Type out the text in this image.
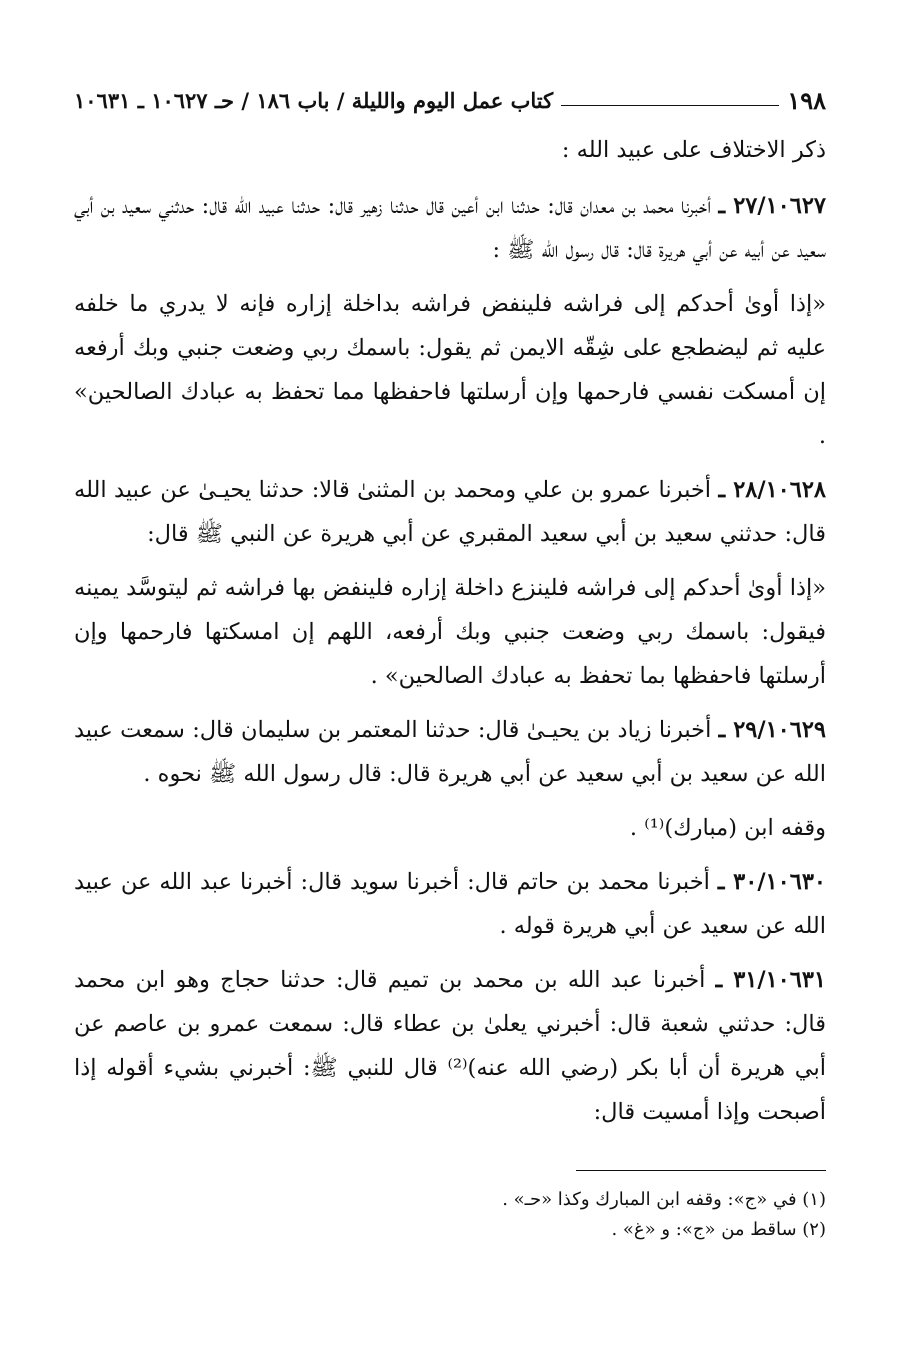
١٩٨
كتاب عمل اليوم والليلة / باب ١٨٦ / حـ ١٠٦٢٧ ـ ١٠٦٣١

ذكر الاختلاف على عبيد الله :

٢٧/١٠٦٢٧ ـ أخبرنا محمد بن معدان قال: حدثنا ابن أعين قال حدثنا زهير قال: حدثنا عبيد الله قال: حدثني سعيد بن أبي سعيد عن أبيه عن أبي هريرة قال: قال رسول الله ﷺ :

«إذا أوىٰ أحدكم إلى فراشه فلينفض فراشه بداخلة إزاره فإنه لا يدري ما خلفه عليه ثم ليضطجع على شِقّه الايمن ثم يقول: باسمك ربي وضعت جنبي وبك أرفعه إن أمسكت نفسي فارحمها وإن أرسلتها فاحفظها مما تحفظ به عبادك الصالحين» .

٢٨/١٠٦٢٨ ـ أخبرنا عمرو بن علي ومحمد بن المثنىٰ قالا: حدثنا يحيـىٰ عن عبيد الله قال: حدثني سعيد بن أبي سعيد المقبري عن أبي هريرة عن النبي ﷺ قال:

«إذا أوىٰ أحدكم إلى فراشه فلينزع داخلة إزاره فلينفض بها فراشه ثم ليتوسَّد يمينه فيقول: باسمك ربي وضعت جنبي وبك أرفعه، اللهم إن امسكتها فارحمها وإن أرسلتها فاحفظها بما تحفظ به عبادك الصالحين» .

٢٩/١٠٦٢٩ ـ أخبرنا زياد بن يحيـىٰ قال: حدثنا المعتمر بن سليمان قال: سمعت عبيد الله عن سعيد بن أبي سعيد عن أبي هريرة قال: قال رسول الله ﷺ نحوه .

وقفه ابن (مبارك)⁽¹⁾ .

٣٠/١٠٦٣٠ ـ أخبرنا محمد بن حاتم قال: أخبرنا سويد قال: أخبرنا عبد الله عن عبيد الله عن سعيد عن أبي هريرة قوله .

٣١/١٠٦٣١ ـ أخبرنا عبد الله بن محمد بن تميم قال: حدثنا حجاج وهو ابن محمد قال: حدثني شعبة قال: أخبرني يعلىٰ بن عطاء قال: سمعت عمرو بن عاصم عن أبي هريرة أن أبا بكر (رضي الله عنه)⁽²⁾ قال للنبي ﷺ: أخبرني بشيء أقوله إذا أصبحت وإذا أمسيت قال:

(١) في «ج»: وقفه ابن المبارك وكذا «حـ» .

(٢) ساقط من «ج»: و «غ» .
